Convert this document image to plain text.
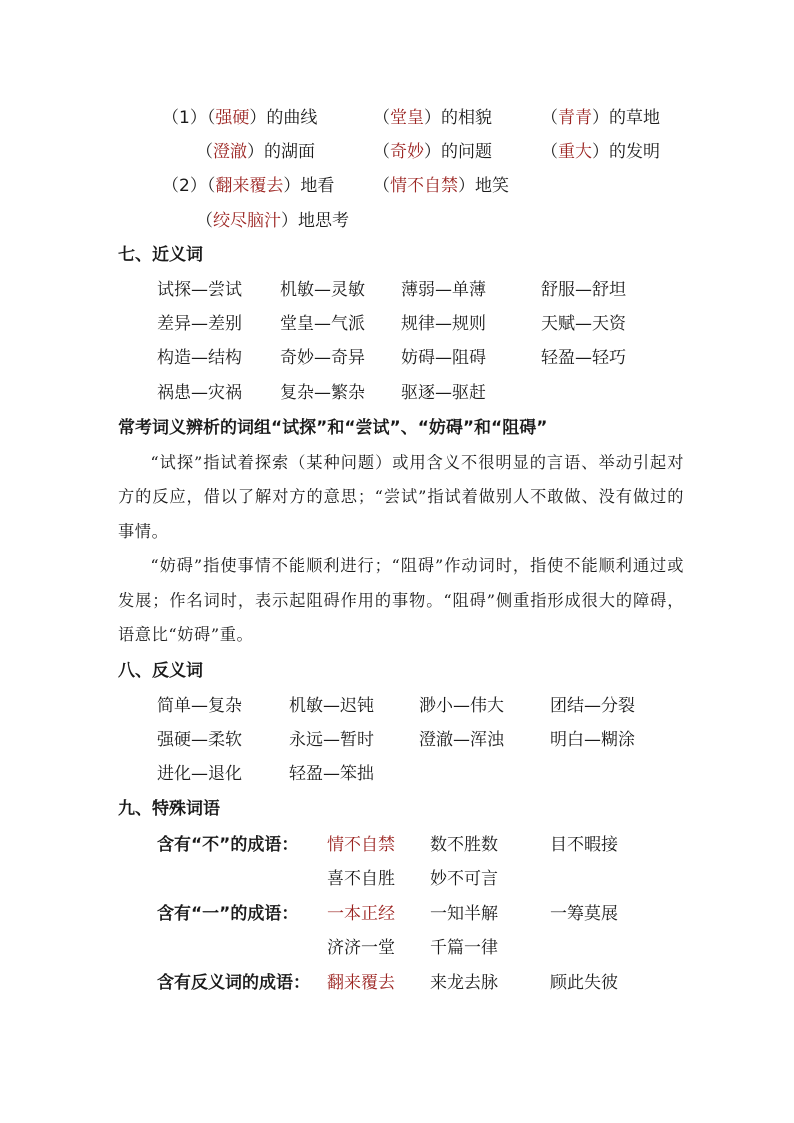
（1）（强硬）的曲线	（堂皇）的相貌	（青青）的草地
（澄澈）的湖面	（奇妙）的问题	（重大）的发明
（2）（翻来覆去）地看 （情不自禁）地笑
（绞尽脑汁）地思考
七、近义词
试探—尝试 机敏—灵敏 薄弱—单薄	舒服—舒坦
差异—差别 堂皇—气派 规律—规则	天赋—天资
构造—结构 奇妙—奇异 妨碍—阻碍	轻盈—轻巧
祸患—灾祸 复杂—繁杂 驱逐—驱赶
常考词义辨析的词组“试探”和“尝试”、“妨碍”和“阻碍”

“试探”指试着探索（某种问题）或用含义不很明显的言语、举动引起对方的反应，借以了解对方的意思；“尝试”指试着做别人不敢做、没有做过的事情。

“妨碍”指使事情不能顺利进行；“阻碍”作动词时，指使不能顺利通过或发展；作名词时，表示起阻碍作用的事物。“阻碍”侧重指形成很大的障碍，语意比“妨碍”重。

八、反义词
简单—复杂	机敏—迟钝	渺小—伟大	团结—分裂
强硬—柔软	永远—暂时	澄澈—浑浊	明白—糊涂
进化—退化	轻盈—笨拙
九、特殊词语
含有“不”的成语： 情不自禁 数不胜数	目不暇接
喜不自胜 妙不可言
含有“一”的成语： 一本正经 一知半解	一筹莫展
济济一堂 千篇一律
含有反义词的成语： 翻来覆去 来龙去脉	顾此失彼
